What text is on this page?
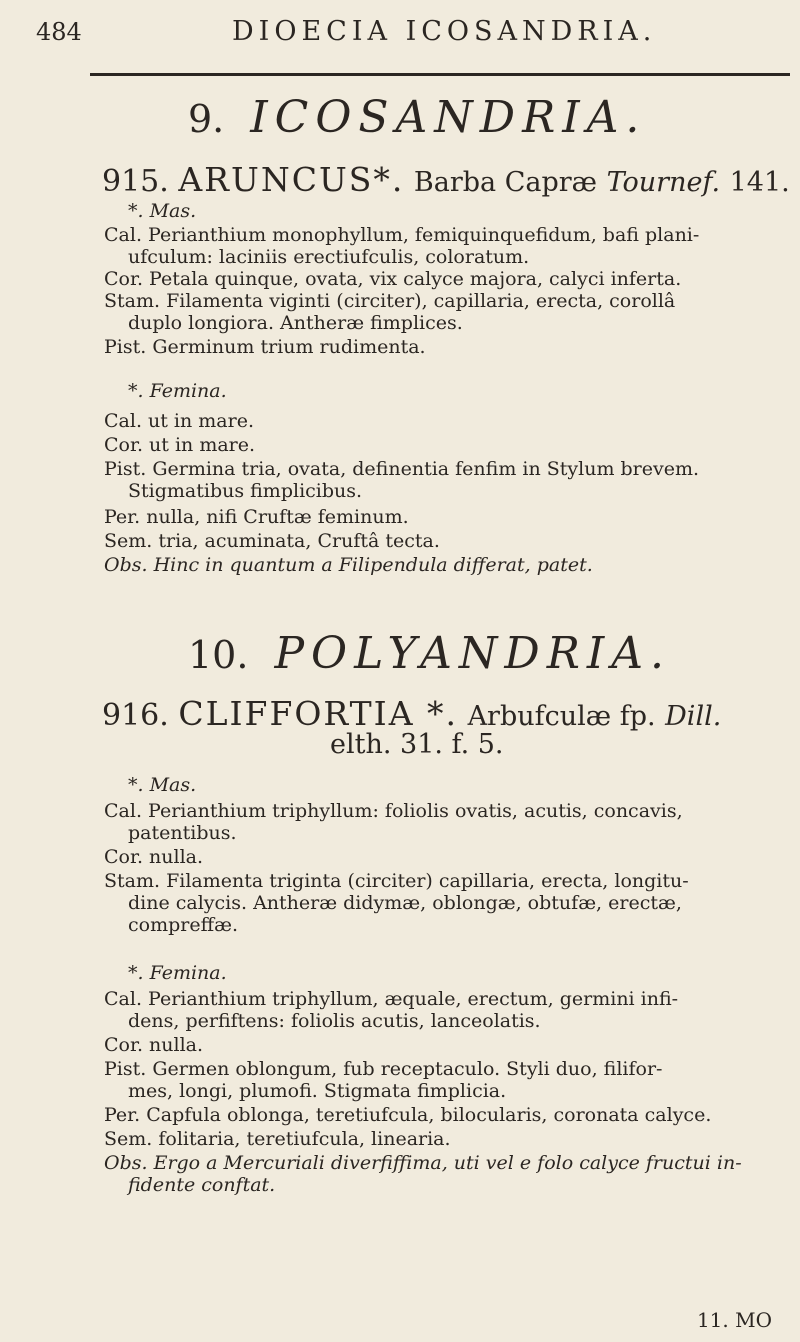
484	DIOECIA ICOSANDRIA.
9. ICOSANDRIA.
915. ARUNCUS*. Barba Capræ Tournef. 141.
*. Mas.
Cal. Perianthium monophyllum, femiquinquefidum, bafi plani-
ufculum: laciniis erectiufculis, coloratum.
Cor. Petala quinque, ovata, vix calyce majora, calyci inferta.
Stam. Filamenta viginti (circiter), capillaria, erecta, corollâ
duplo longiora. Antheræ fimplices.
Pist. Germinum trium rudimenta.
*. Femina.
Cal. ut in mare.
Cor. ut in mare.
Pist. Germina tria, ovata, definentia fenfim in Stylum brevem.
Stigmatibus fimplicibus.
Per. nulla, nifi Cruftæ feminum.
Sem. tria, acuminata, Cruftâ tecta.
Obs. Hinc in quantum a Filipendula differat, patet.
10. POLYANDRIA.
916. CLIFFORTIA *. Arbufculæ fp. Dill.
elth. 31. f. 5.
*. Mas.
Cal. Perianthium triphyllum: foliolis ovatis, acutis, concavis,
patentibus.
Cor. nulla.
Stam. Filamenta triginta (circiter) capillaria, erecta, longitu-
dine calycis. Antheræ didymæ, oblongæ, obtufæ, erectæ,
compreffæ.
*. Femina.
Cal. Perianthium triphyllum, æquale, erectum, germini infi-
dens, perfiftens: foliolis acutis, lanceolatis.
Cor. nulla.
Pist. Germen oblongum, fub receptaculo. Styli duo, filifor-
mes, longi, plumofi. Stigmata fimplicia.
Per. Capfula oblonga, teretiufcula, bilocularis, coronata calyce.
Sem. folitaria, teretiufcula, linearia.
Obs. Ergo a Mercuriali diverfiffima, uti vel e folo calyce fructui in-
fidente conftat.
11. MO
